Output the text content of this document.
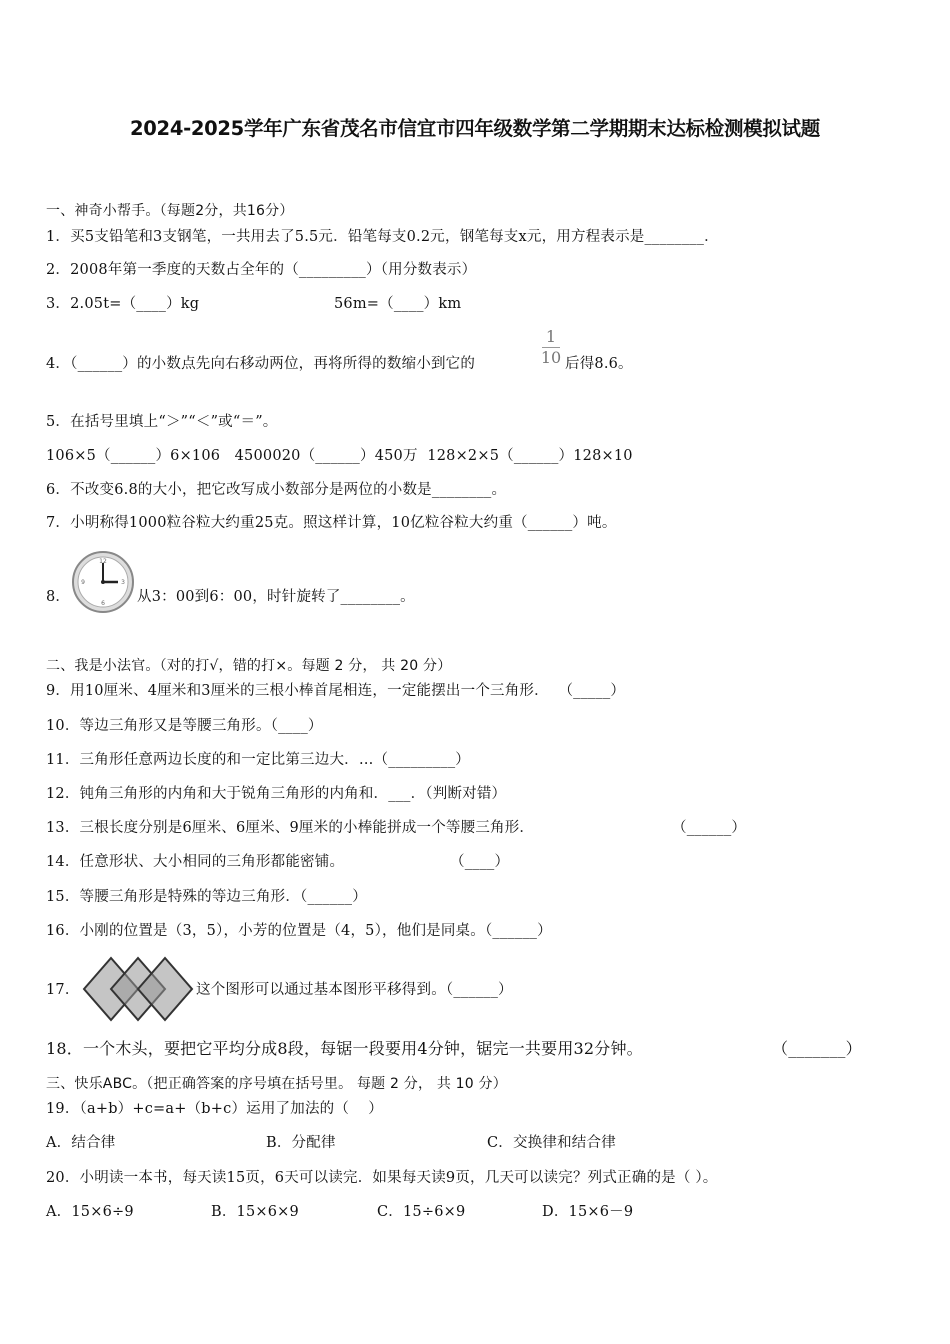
2024-2025学年广东省茂名市信宜市四年级数学第二学期期末达标检测模拟试题
一、神奇小帮手。（每题2分，共16分）
1．买5支铅笔和3支钢笔，一共用去了5.5元．铅笔每支0.2元，钢笔每支x元，用方程表示是________．
2．2008年第一季度的天数占全年的（_________）（用分数表示）
3．2.05t=（____）kg	56m=（____）km
4．（______）的小数点先向右移动两位，再将所得的数缩小到它的
1
10 后得8.6。
5．在括号里填上“＞”“＜”或“＝”。
106×5（______）6×106   4500020（______）450万  128×2×5（______）128×10
6．不改变6.8的大小，把它改写成小数部分是两位的小数是________。
7．小明称得1000粒谷粒大约重25克。照这样计算，10亿粒谷粒大约重（______）吨。
8．
12
3
6
9
从3：00到6：00，时针旋转了________。
二、我是小法官。（对的打√，错的打×。每题 2 分， 共 20 分）
9．用10厘米、4厘米和3厘米的三根小棒首尾相连，一定能摆出一个三角形．  （_____）
10．等边三角形又是等腰三角形。（____）
11．三角形任意两边长度的和一定比第三边大．…（_________）
12．钝角三角形的内角和大于锐角三角形的内角和．___．（判断对错）
13．三根长度分别是6厘米、6厘米、9厘米的小棒能拼成一个等腰三角形．	（______）
14．任意形状、大小相同的三角形都能密铺。	（____）
15．等腰三角形是特殊的等边三角形．（______）
16．小刚的位置是（3，5），小芳的位置是（4，5），他们是同桌。（______）
17．	这个图形可以通过基本图形平移得到。（______）
18．一个木头，要把它平均分成8段，每锯一段要用4分钟，锯完一共要用32分钟。	（_______）
三、快乐ABC。（把正确答案的序号填在括号里。 每题 2 分， 共 10 分）
19．（a+b）+c=a+（b+c）运用了加法的（    ）
A．结合律	B．分配律	C．交换律和结合律
20．小明读一本书，每天读15页，6天可以读完．如果每天读9页，几天可以读完？列式正确的是（ ）。
A．15×6÷9	B．15×6×9	C．15÷6×9	D．15×6－9
